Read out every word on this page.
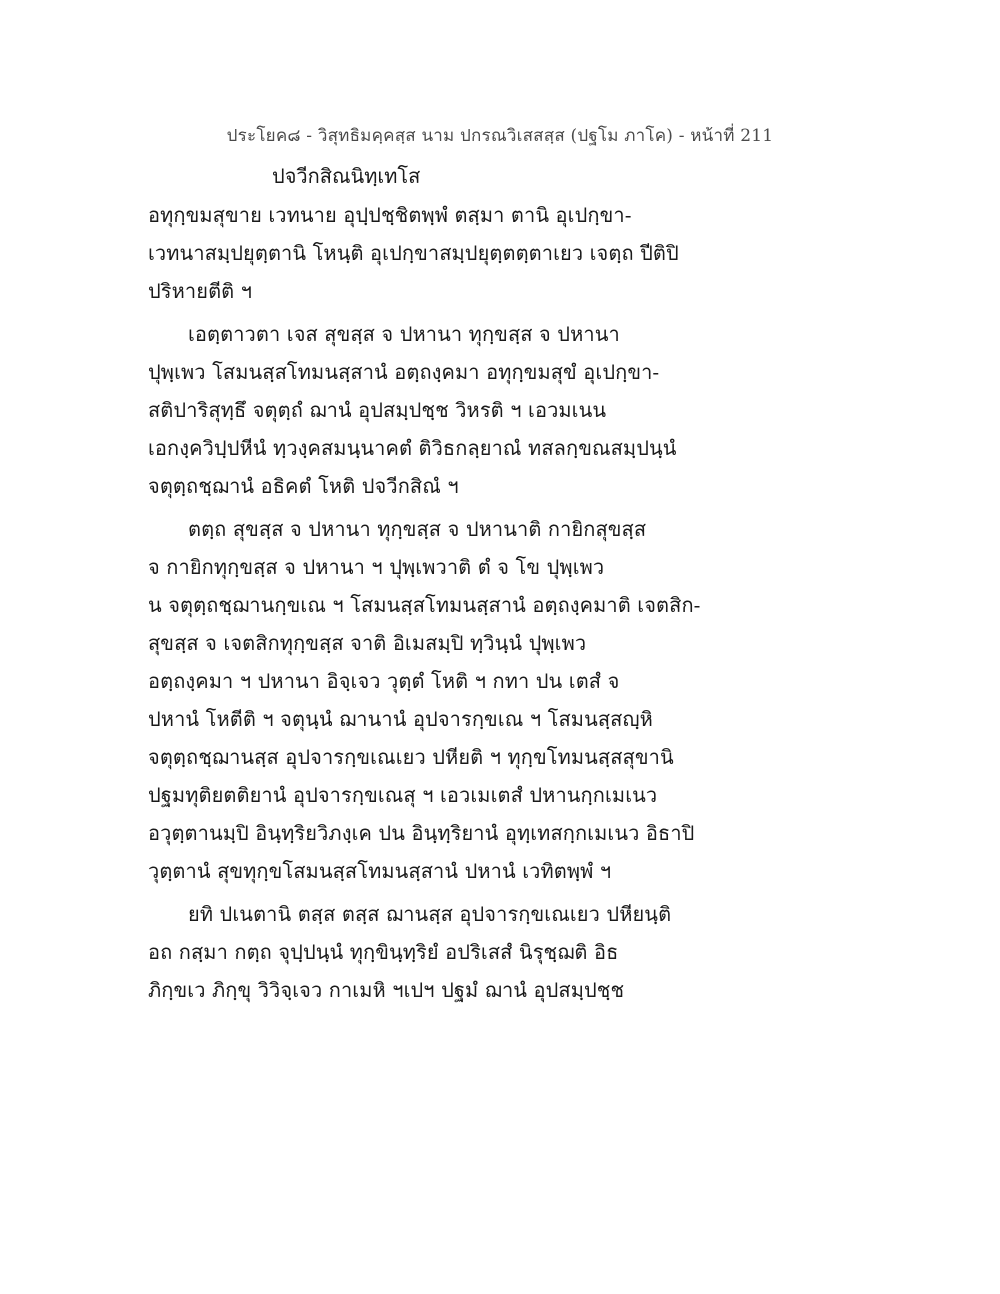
ประโยค๘ - วิสุทธิมคฺคสฺส นาม ปกรณวิเสสสฺส (ปฐโม ภาโค) - หน้าที่ 211
ปจวีกสิณนิทฺเทโส
อทุกฺขมสุขาย เวทนาย อุปฺปชฺชิตพฺพํ ตสฺมา ตานิ อุเปกฺขา-
เวทนาสมฺปยุตฺตานิ โหนฺติ อุเปกฺขาสมฺปยุตฺตตฺตาเยว เจตฺถ ปีติปิ
ปริหายตีติ ฯ
เอตฺตาวตา เจส สุขสฺส จ ปหานา ทุกฺขสฺส จ ปหานา
ปุพฺเพว โสมนสฺสโทมนสฺสานํ อตฺถงฺคมา อทุกฺขมสุขํ อุเปกฺขา-
สติปาริสุทฺธึ จตุตฺถํ ฌานํ อุปสมฺปชฺช วิหรติ ฯ เอวมเนน
เอกงฺควิปฺปหีนํ ทฺวงฺคสมนฺนาคตํ ติวิธกลฺยาณํ ทสลกฺขณสมฺปนฺนํ
จตุตฺถชฺฌานํ อธิคตํ โหติ ปจวีกสิณํ ฯ
ตตฺถ สุขสฺส จ ปหานา ทุกฺขสฺส จ ปหานาติ กายิกสุขสฺส
จ กายิกทุกฺขสฺส จ ปหานา ฯ ปุพฺเพวาติ ตํ จ โข ปุพฺเพว
น จตุตฺถชฺฌานกฺขเณ ฯ โสมนสฺสโทมนสฺสานํ อตฺถงฺคมาติ เจตสิก-
สุขสฺส จ เจตสิกทุกฺขสฺส จาติ อิเมสมฺปิ ทฺวินฺนํ ปุพฺเพว
อตฺถงฺคมา ฯ ปหานา อิจฺเจว วุตฺตํ โหติ ฯ กทา ปน เตสํ จ
ปหานํ โหตีติ ฯ จตุนฺนํ ฌานานํ อุปจารกฺขเณ ฯ โสมนสฺสญฺหิ
จตุตฺถชฺฌานสฺส อุปจารกฺขเณเยว ปหียติ ฯ ทุกฺขโทมนสฺสสุขานิ
ปฐมทุติยตติยานํ อุปจารกฺขเณสุ ฯ เอวเมเตสํ ปหานกฺกเมเนว
อวุตฺตานมฺปิ อินฺทฺริยวิภงฺเค ปน อินฺทฺริยานํ อุทฺเทสกฺกเมเนว อิธาปิ
วุตฺตานํ สุขทุกฺขโสมนสฺสโทมนสฺสานํ ปหานํ เวทิตพฺพํ ฯ
ยทิ ปเนตานิ ตสฺส ตสฺส ฌานสฺส อุปจารกฺขเณเยว ปหียนฺติ
อถ กสฺมา กตฺถ จุปฺปนฺนํ ทุกฺขินฺทฺริยํ อปริเสสํ นิรุชฺฌติ อิธ
ภิกฺขเว ภิกฺขุ วิวิจฺเจว กาเมหิ ฯเปฯ ปฐมํ ฌานํ อุปสมฺปชฺช
